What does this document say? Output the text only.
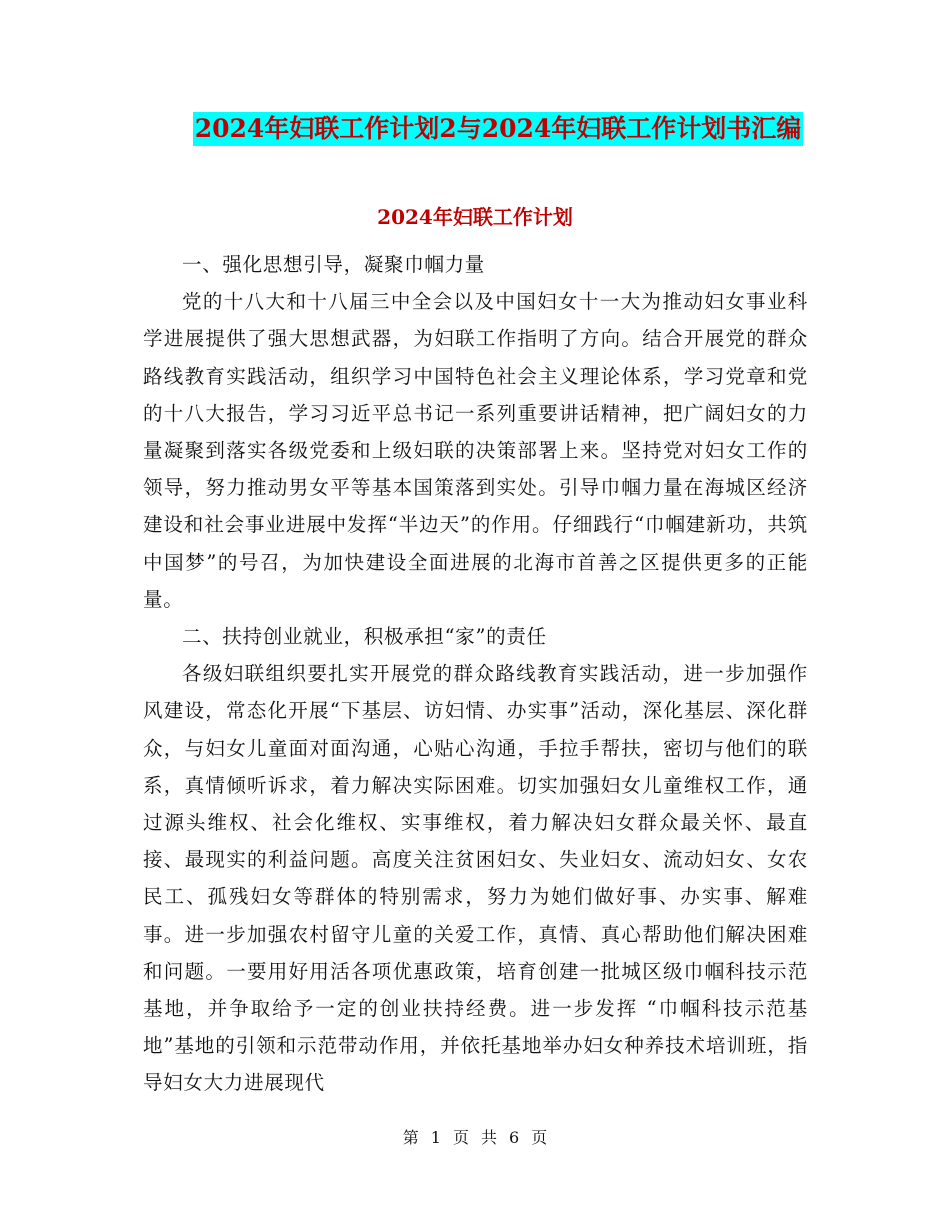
2024年妇联工作计划2与2024年妇联工作计划书汇编
2024年妇联工作计划

一、强化思想引导，凝聚巾帼力量

党的十八大和十八届三中全会以及中国妇女十一大为推动妇女事业科学进展提供了强大思想武器，为妇联工作指明了方向。结合开展党的群众路线教育实践活动，组织学习中国特色社会主义理论体系，学习党章和党的十八大报告，学习习近平总书记一系列重要讲话精神，把广阔妇女的力量凝聚到落实各级党委和上级妇联的决策部署上来。坚持党对妇女工作的领导，努力推动男女平等基本国策落到实处。引导巾帼力量在海城区经济建设和社会事业进展中发挥“半边天”的作用。仔细践行“巾帼建新功，共筑中国梦”的号召，为加快建设全面进展的北海市首善之区提供更多的正能量。

二、扶持创业就业，积极承担“家”的责任

各级妇联组织要扎实开展党的群众路线教育实践活动，进一步加强作风建设，常态化开展“下基层、访妇情、办实事”活动，深化基层、深化群众，与妇女儿童面对面沟通，心贴心沟通，手拉手帮扶，密切与他们的联系，真情倾听诉求，着力解决实际困难。切实加强妇女儿童维权工作，通过源头维权、社会化维权、实事维权，着力解决妇女群众最关怀、最直接、最现实的利益问题。高度关注贫困妇女、失业妇女、流动妇女、女农民工、孤残妇女等群体的特别需求，努力为她们做好事、办实事、解难事。进一步加强农村留守儿童的关爱工作，真情、真心帮助他们解决困难和问题。一要用好用活各项优惠政策，培育创建一批城区级巾帼科技示范基地，并争取给予一定的创业扶持经费。进一步发挥 “巾帼科技示范基地”基地的引领和示范带动作用，并依托基地举办妇女种养技术培训班，指导妇女大力进展现代

第 1 页 共 6 页
